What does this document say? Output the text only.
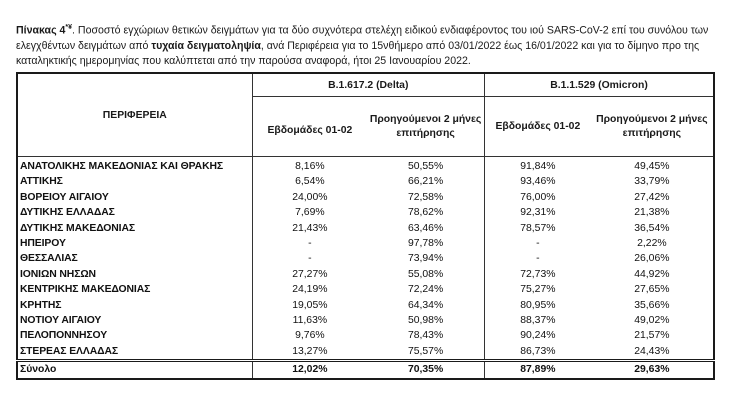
Πίνακας 4*¥. Ποσοστό εγχώριων θετικών δειγμάτων για τα δύο συχνότερα στελέχη ειδικού ενδιαφέροντος του ιού SARS-CoV-2 επί του συνόλου των ελεγχθέντων δειγμάτων από τυχαία δειγματοληψία, ανά Περιφέρεια για το 15νθήμερο από 03/01/2022 έως 16/01/2022 και για το δίμηνο προ της καταληκτικής ημερομηνίας που καλύπτεται από την παρούσα αναφορά, ήτοι 25 Ιανουαρίου 2022.
ΠΕΡΙΦΕΡΕΙΑ	B.1.617.2 (Delta)		B.1.1.529 (Omicron)	
	Εβδομάδες 01-02	Προηγούμενοι 2 μήνες επιτήρησης	Εβδομάδες 01-02	Προηγούμενοι 2 μήνες επιτήρησης
ΑΝΑΤΟΛΙΚΗΣ ΜΑΚΕΔΟΝΙΑΣ ΚΑΙ ΘΡΑΚΗΣ	8,16%	50,55%	91,84%	49,45%
ΑΤΤΙΚΗΣ	6,54%	66,21%	93,46%	33,79%
ΒΟΡΕΙΟΥ ΑΙΓΑΙΟΥ	24,00%	72,58%	76,00%	27,42%
ΔΥΤΙΚΗΣ ΕΛΛΑΔΑΣ	7,69%	78,62%	92,31%	21,38%
ΔΥΤΙΚΗΣ ΜΑΚΕΔΟΝΙΑΣ	21,43%	63,46%	78,57%	36,54%
ΗΠΕΙΡΟΥ	-	97,78%	-	2,22%
ΘΕΣΣΑΛΙΑΣ	-	73,94%	-	26,06%
ΙΟΝΙΩΝ ΝΗΣΩΝ	27,27%	55,08%	72,73%	44,92%
ΚΕΝΤΡΙΚΗΣ ΜΑΚΕΔΟΝΙΑΣ	24,19%	72,24%	75,27%	27,65%
ΚΡΗΤΗΣ	19,05%	64,34%	80,95%	35,66%
ΝΟΤΙΟΥ ΑΙΓΑΙΟΥ	11,63%	50,98%	88,37%	49,02%
ΠΕΛΟΠΟΝΝΗΣΟΥ	9,76%	78,43%	90,24%	21,57%
ΣΤΕΡΕΑΣ ΕΛΛΑΔΑΣ	13,27%	75,57%	86,73%	24,43%
Σύνολο	12,02%	70,35%	87,89%	29,63%
